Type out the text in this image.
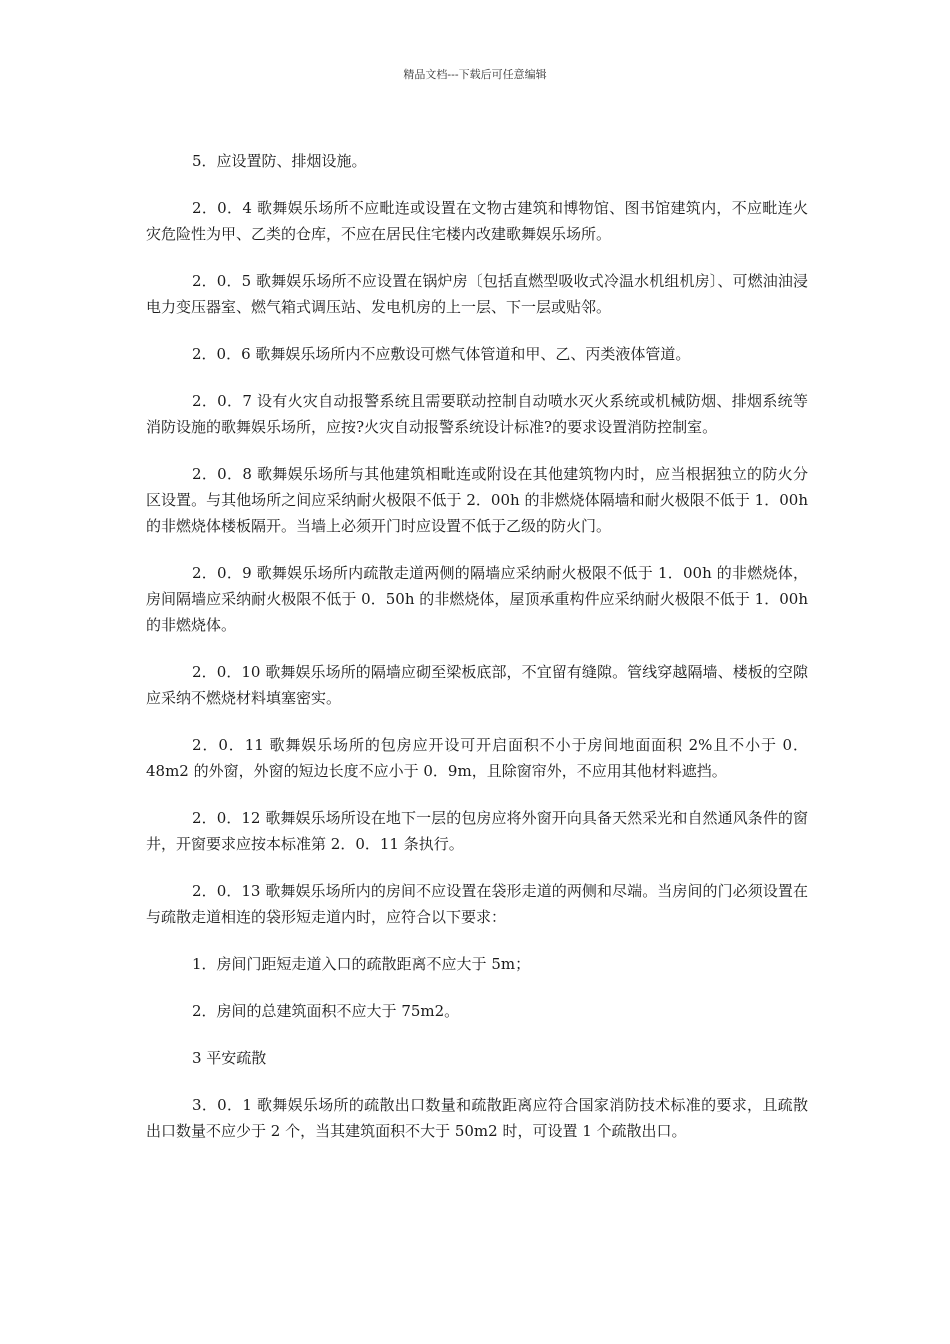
精品文档---下载后可任意编辑

5．应设置防、排烟设施。

2．0．4 歌舞娱乐场所不应毗连或设置在文物古建筑和博物馆、图书馆建筑内，不应毗连火灾危险性为甲、乙类的仓库，不应在居民住宅楼内改建歌舞娱乐场所。

2．0．5 歌舞娱乐场所不应设置在锅炉房〔包括直燃型吸收式冷温水机组机房〕、可燃油油浸电力变压器室、燃气箱式调压站、发电机房的上一层、下一层或贴邻。

2．0．6 歌舞娱乐场所内不应敷设可燃气体管道和甲、乙、丙类液体管道。

2．0．7 设有火灾自动报警系统且需要联动控制自动喷水灭火系统或机械防烟、排烟系统等消防设施的歌舞娱乐场所，应按?火灾自动报警系统设计标准?的要求设置消防控制室。

2．0．8 歌舞娱乐场所与其他建筑相毗连或附设在其他建筑物内时，应当根据独立的防火分区设置。与其他场所之间应采纳耐火极限不低于 2．00h 的非燃烧体隔墙和耐火极限不低于 1．00h 的非燃烧体楼板隔开。当墙上必须开门时应设置不低于乙级的防火门。

2．0．9 歌舞娱乐场所内疏散走道两侧的隔墙应采纳耐火极限不低于 1．00h 的非燃烧体，房间隔墙应采纳耐火极限不低于 0．50h 的非燃烧体，屋顶承重构件应采纳耐火极限不低于 1．00h 的非燃烧体。

2．0．10 歌舞娱乐场所的隔墙应砌至梁板底部，不宜留有缝隙。管线穿越隔墙、楼板的空隙应采纳不燃烧材料填塞密实。

2．0．11 歌舞娱乐场所的包房应开设可开启面积不小于房间地面面积 2%且不小于 0．48m2 的外窗，外窗的短边长度不应小于 0．9m，且除窗帘外，不应用其他材料遮挡。

2．0．12 歌舞娱乐场所设在地下一层的包房应将外窗开向具备天然采光和自然通风条件的窗井，开窗要求应按本标准第 2．0．11 条执行。

2．0．13 歌舞娱乐场所内的房间不应设置在袋形走道的两侧和尽端。当房间的门必须设置在与疏散走道相连的袋形短走道内时，应符合以下要求：

1．房间门距短走道入口的疏散距离不应大于 5m；

2．房间的总建筑面积不应大于 75m2。

3 平安疏散

3．0．1 歌舞娱乐场所的疏散出口数量和疏散距离应符合国家消防技术标准的要求，且疏散出口数量不应少于 2 个，当其建筑面积不大于 50m2 时，可设置 1 个疏散出口。
